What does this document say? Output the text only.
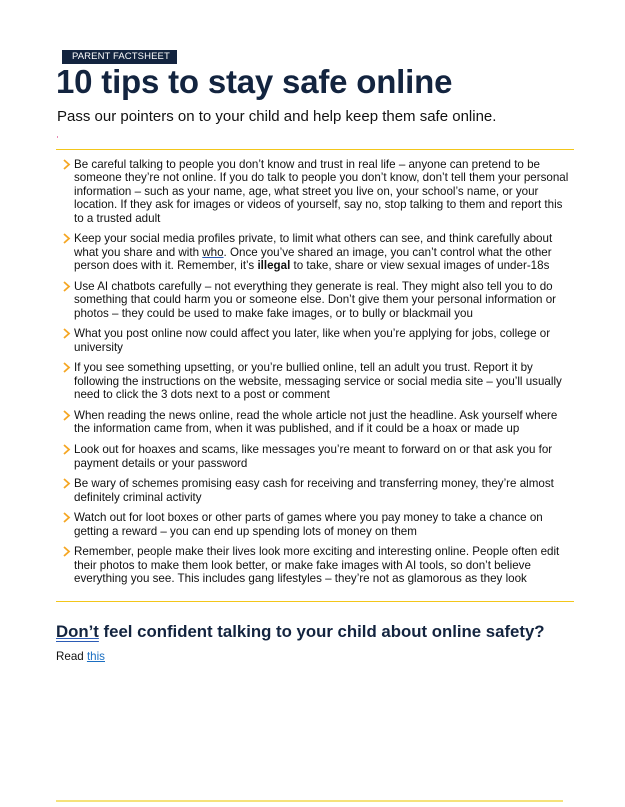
PARENT FACTSHEET
10 tips to stay safe online

Pass our pointers on to your child and help keep them safe online.

Be careful talking to people you don’t know and trust in real life – anyone can pretend to be someone they’re not online. If you do talk to people you don’t know, don’t tell them your personal information – such as your name, age, what street you live on, your school’s name, or your location. If they ask for images or videos of yourself, say no, stop talking to them and report this to a trusted adult
Keep your social media profiles private, to limit what others can see, and think carefully about what you share and with who. Once you’ve shared an image, you can’t control what the other person does with it. Remember, it’s illegal to take, share or view sexual images of under-18s
Use AI chatbots carefully – not everything they generate is real. They might also tell you to do something that could harm you or someone else. Don’t give them your personal information or photos – they could be used to make fake images, or to bully or blackmail you
What you post online now could affect you later, like when you’re applying for jobs, college or university
If you see something upsetting, or you’re bullied online, tell an adult you trust. Report it by following the instructions on the website, messaging service or social media site – you’ll usually need to click the 3 dots next to a post or comment
When reading the news online, read the whole article not just the headline. Ask yourself where the information came from, when it was published, and if it could be a hoax or made up
Look out for hoaxes and scams, like messages you’re meant to forward on or that ask you for payment details or your password
Be wary of schemes promising easy cash for receiving and transferring money, they’re almost definitely criminal activity
Watch out for loot boxes or other parts of games where you pay money to take a chance on getting a reward – you can end up spending lots of money on them
Remember, people make their lives look more exciting and interesting online. People often edit their photos to make them look better, or make fake images with AI tools, so don’t believe everything you see. This includes gang lifestyles – they’re not as glamorous as they look
Don’t feel confident talking to your child about online safety?
Read this
